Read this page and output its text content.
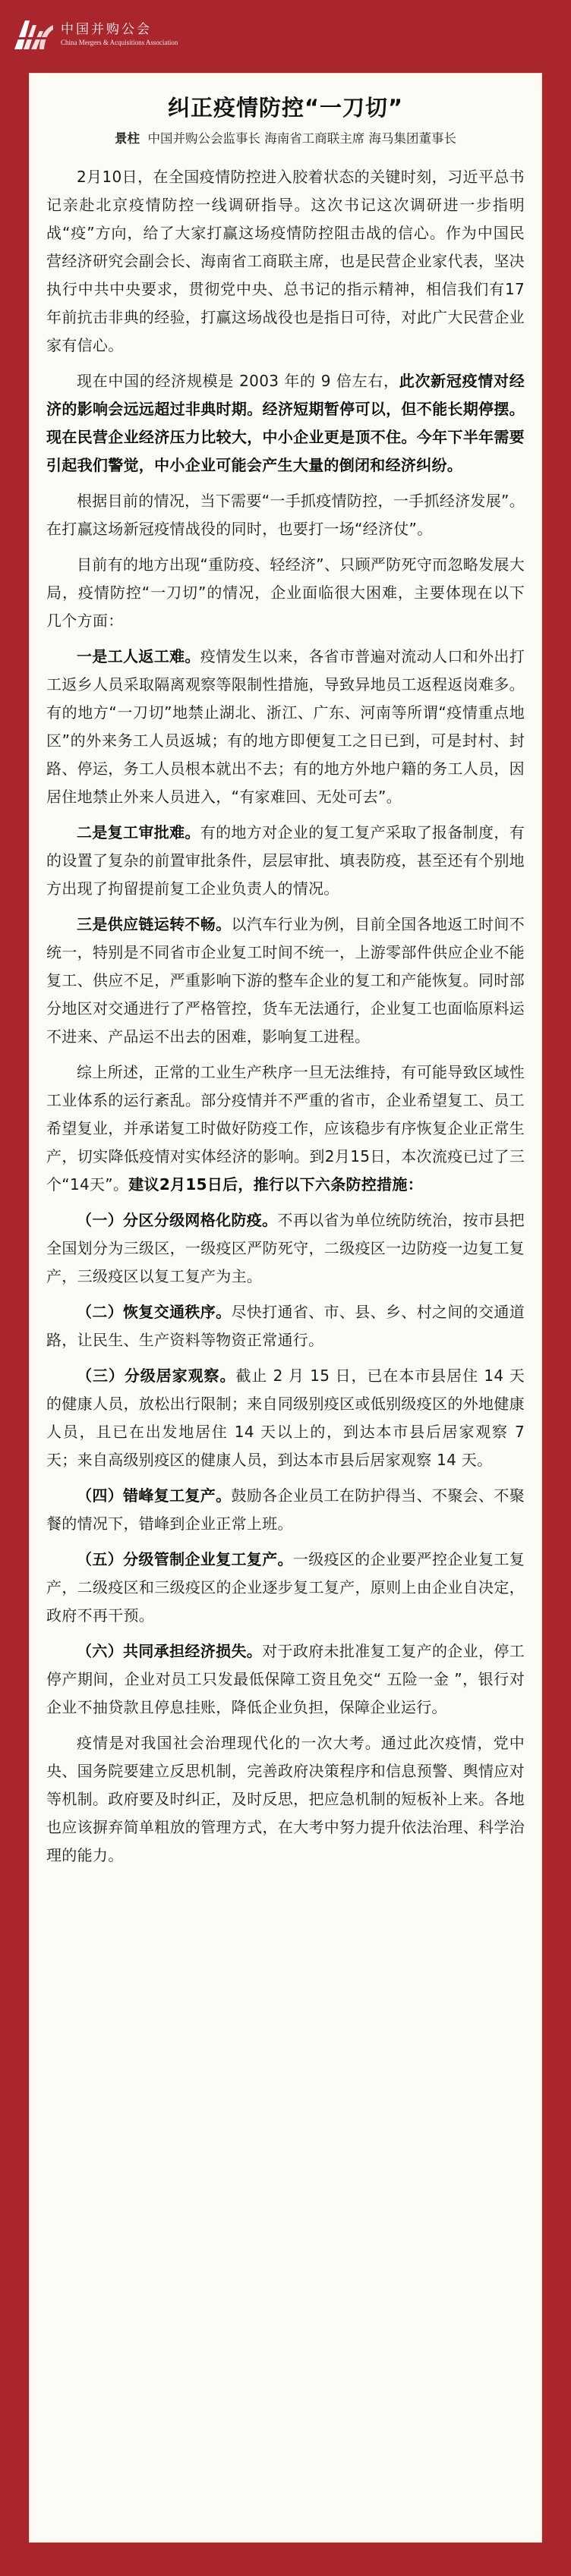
中国并购公会
China Mergers & Acquisitions Association
纠正疫情防控“一刀切”

景柱 中国并购公会监事长 海南省工商联主席 海马集团董事长

2月10日，在全国疫情防控进入胶着状态的关键时刻，习近平总书记亲赴北京疫情防控一线调研指导。这次书记这次调研进一步指明战“疫”方向，给了大家打赢这场疫情防控阻击战的信心。作为中国民营经济研究会副会长、海南省工商联主席，也是民营企业家代表，坚决执行中共中央要求，贯彻党中央、总书记的指示精神，相信我们有17年前抗击非典的经验，打赢这场战役也是指日可待，对此广大民营企业家有信心。

现在中国的经济规模是 2003 年的 9 倍左右，此次新冠疫情对经济的影响会远远超过非典时期。经济短期暂停可以，但不能长期停摆。现在民营企业经济压力比较大，中小企业更是顶不住。今年下半年需要引起我们警觉，中小企业可能会产生大量的倒闭和经济纠纷。

根据目前的情况，当下需要“一手抓疫情防控，一手抓经济发展”。在打赢这场新冠疫情战役的同时，也要打一场“经济仗”。

目前有的地方出现“重防疫、轻经济”、只顾严防死守而忽略发展大局，疫情防控“一刀切”的情况，企业面临很大困难，主要体现在以下几个方面：

一是工人返工难。疫情发生以来，各省市普遍对流动人口和外出打工返乡人员采取隔离观察等限制性措施，导致异地员工返程返岗难多。有的地方“一刀切”地禁止湖北、浙江、广东、河南等所谓“疫情重点地区”的外来务工人员返城；有的地方即便复工之日已到，可是封村、封路、停运，务工人员根本就出不去；有的地方外地户籍的务工人员，因居住地禁止外来人员进入，“有家难回、无处可去”。

二是复工审批难。有的地方对企业的复工复产采取了报备制度，有的设置了复杂的前置审批条件，层层审批、填表防疫，甚至还有个别地方出现了拘留提前复工企业负责人的情况。

三是供应链运转不畅。以汽车行业为例，目前全国各地返工时间不统一，特别是不同省市企业复工时间不统一，上游零部件供应企业不能复工、供应不足，严重影响下游的整车企业的复工和产能恢复。同时部分地区对交通进行了严格管控，货车无法通行，企业复工也面临原料运不进来、产品运不出去的困难，影响复工进程。

综上所述，正常的工业生产秩序一旦无法维持，有可能导致区域性工业体系的运行紊乱。部分疫情并不严重的省市，企业希望复工、员工希望复业，并承诺复工时做好防疫工作，应该稳步有序恢复企业正常生产，切实降低疫情对实体经济的影响。到2月15日，本次流疫已过了三个“14天”。建议2月15日后，推行以下六条防控措施：

（一）分区分级网格化防疫。不再以省为单位统防统治，按市县把全国划分为三级区，一级疫区严防死守，二级疫区一边防疫一边复工复产，三级疫区以复工复产为主。

（二）恢复交通秩序。尽快打通省、市、县、乡、村之间的交通道路，让民生、生产资料等物资正常通行。

（三）分级居家观察。截止 2 月 15 日，已在本市县居住 14 天的健康人员，放松出行限制；来自同级别疫区或低别级疫区的外地健康人员，且已在出发地居住 14 天以上的，到达本市县后居家观察 7 天；来自高级别疫区的健康人员，到达本市县后居家观察 14 天。

（四）错峰复工复产。鼓励各企业员工在防护得当、不聚会、不聚餐的情况下，错峰到企业正常上班。

（五）分级管制企业复工复产。一级疫区的企业要严控企业复工复产，二级疫区和三级疫区的企业逐步复工复产，原则上由企业自决定，政府不再干预。

（六）共同承担经济损失。对于政府未批准复工复产的企业，停工停产期间，企业对员工只发最低保障工资且免交“ 五险一金 ”，银行对企业不抽贷款且停息挂账，降低企业负担，保障企业运行。

疫情是对我国社会治理现代化的一次大考。通过此次疫情，党中央、国务院要建立反思机制，完善政府决策程序和信息预警、舆情应对等机制。政府要及时纠正，及时反思，把应急机制的短板补上来。各地也应该摒弃简单粗放的管理方式，在大考中努力提升依法治理、科学治理的能力。
